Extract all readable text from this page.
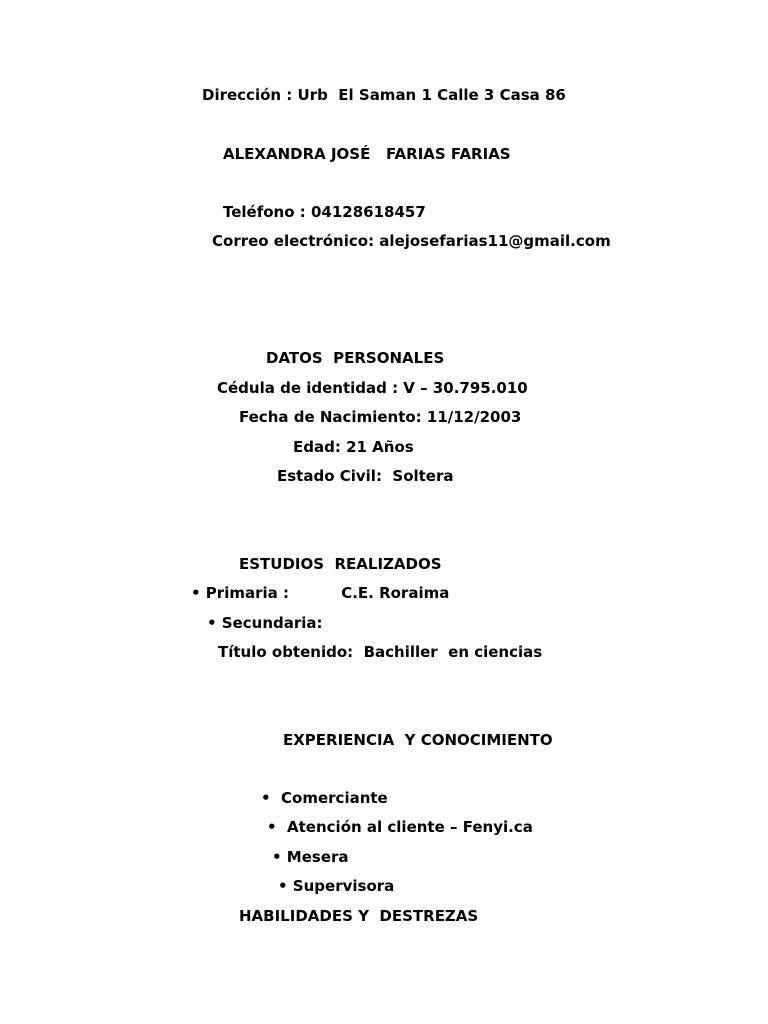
Dirección : Urb  El Saman 1 Calle 3 Casa 86
ALEXANDRA JOSÉ   FARIAS FARIAS
Teléfono : 04128618457
Correo electrónico: alejosefarias11@gmail.com
DATOS  PERSONALES
Cédula de identidad : V – 30.795.010
Fecha de Nacimiento: 11/12/2003
Edad: 21 Años
Estado Civil:  Soltera
ESTUDIOS  REALIZADOS
• Primaria :          C.E. Roraima
• Secundaria:
Título obtenido:  Bachiller  en ciencias
EXPERIENCIA  Y CONOCIMIENTO
•  Comerciante
•  Atención al cliente – Fenyi.ca
• Mesera
• Supervisora
HABILIDADES Y  DESTREZAS
